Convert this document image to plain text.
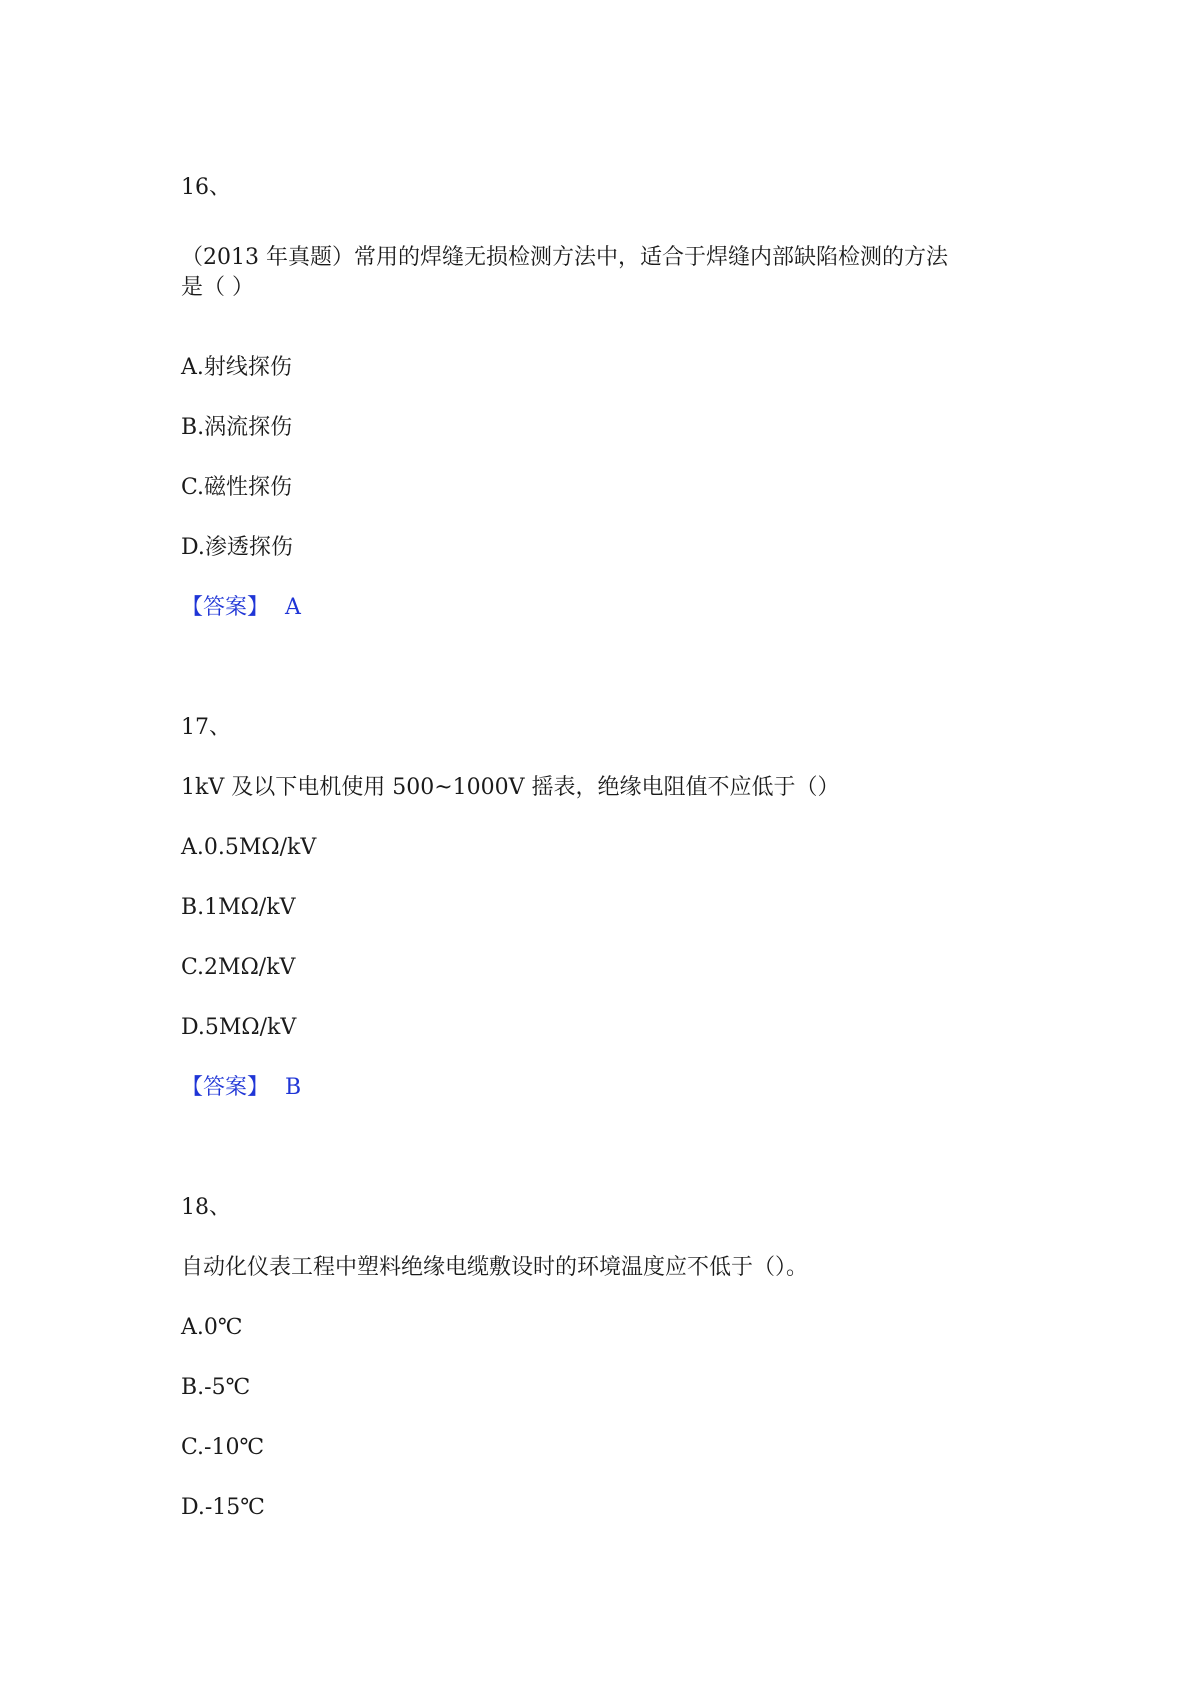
16、
（2013 年真题）常用的焊缝无损检测方法中，适合于焊缝内部缺陷检测的方法
是（ ）
A.射线探伤
B.涡流探伤
C.磁性探伤
D.渗透探伤
【答案】 A
17、
1kV 及以下电机使用 500~1000V 摇表，绝缘电阻值不应低于（）
A.0.5MΩ/kV
B.1MΩ/kV
C.2MΩ/kV
D.5MΩ/kV
【答案】 B
18、
自动化仪表工程中塑料绝缘电缆敷设时的环境温度应不低于（）。
A.0℃
B.-5℃
C.-10℃
D.-15℃
